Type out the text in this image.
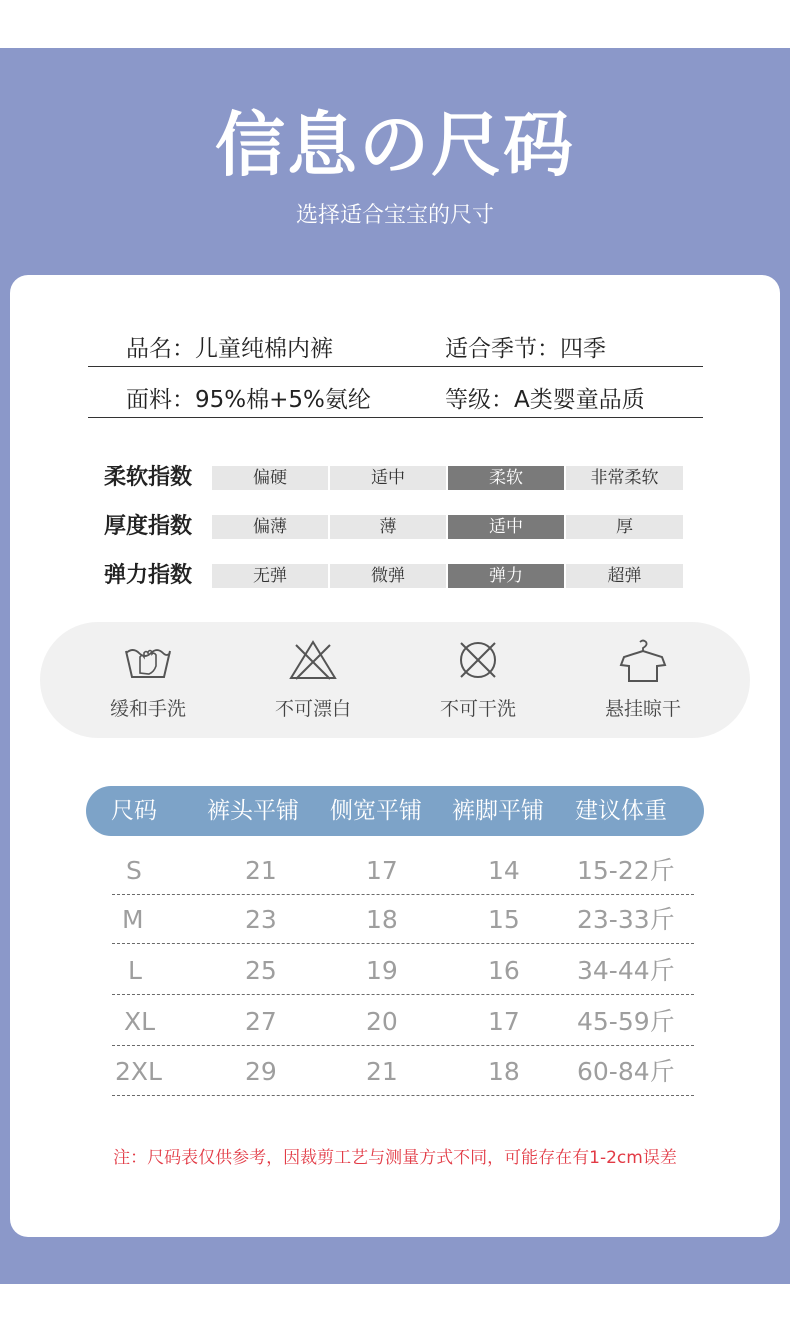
信息の尺码
选择适合宝宝的尺寸
品名：儿童纯棉内裤	适合季节：四季
面料：95%棉+5%氨纶	等级：A类婴童品质
柔软指数	偏硬	适中	柔软	非常柔软
厚度指数	偏薄	薄	适中	厚
弹力指数	无弹	微弹	弹力	超弹
缓和手洗	不可漂白	不可干洗	悬挂晾干
尺码 裤头平铺 侧宽平铺 裤脚平铺 建议体重
S	21	17	14 15-22斤
M	23	18	15 23-33斤
L	25	19	16 34-44斤
XL	27	20	17 45-59斤
2XL	29	21	18 60-84斤
注：尺码表仅供参考，因裁剪工艺与测量方式不同，可能存在有1-2cm误差
